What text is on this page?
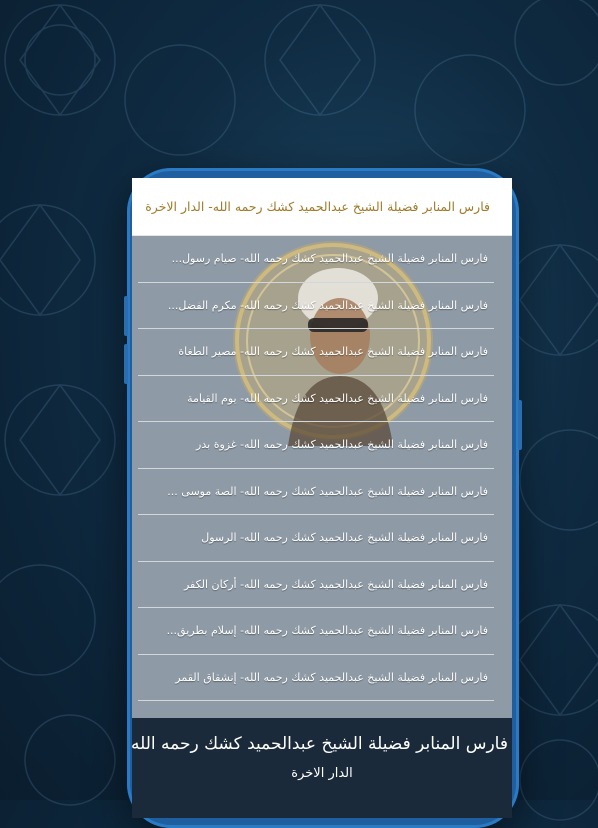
فارس المنابر فضيلة الشيخ عبدالحميد كشك رحمه الله- الدار الاخرة
فارس المنابر فضيلة الشيخ عبدالحميد كشك رحمه الله- صيام رسول...
فارس المنابر فضيلة الشيخ عبدالحميد كشك رحمه الله- مكرم الفضل...
فارس المنابر فضيلة الشيخ عبدالحميد كشك رحمه الله- مصير الطغاة
فارس المنابر فضيلة الشيخ عبدالحميد كشك رحمه الله- يوم القيامة
فارس المنابر فضيلة الشيخ عبدالحميد كشك رحمه الله- غزوة بدر
فارس المنابر فضيلة الشيخ عبدالحميد كشك رحمه الله- الصة موسى ...
فارس المنابر فضيلة الشيخ عبدالحميد كشك رحمه الله- الرسول
فارس المنابر فضيلة الشيخ عبدالحميد كشك رحمه الله- أركان الكفر
فارس المنابر فضيلة الشيخ عبدالحميد كشك رحمه الله- إسلام بطريق...
فارس المنابر فضيلة الشيخ عبدالحميد كشك رحمه الله- إنشقاق القمر
فارس المنابر فضيلة الشيخ عبدالحميد كشك رحمه الله
الدار الاخرة
